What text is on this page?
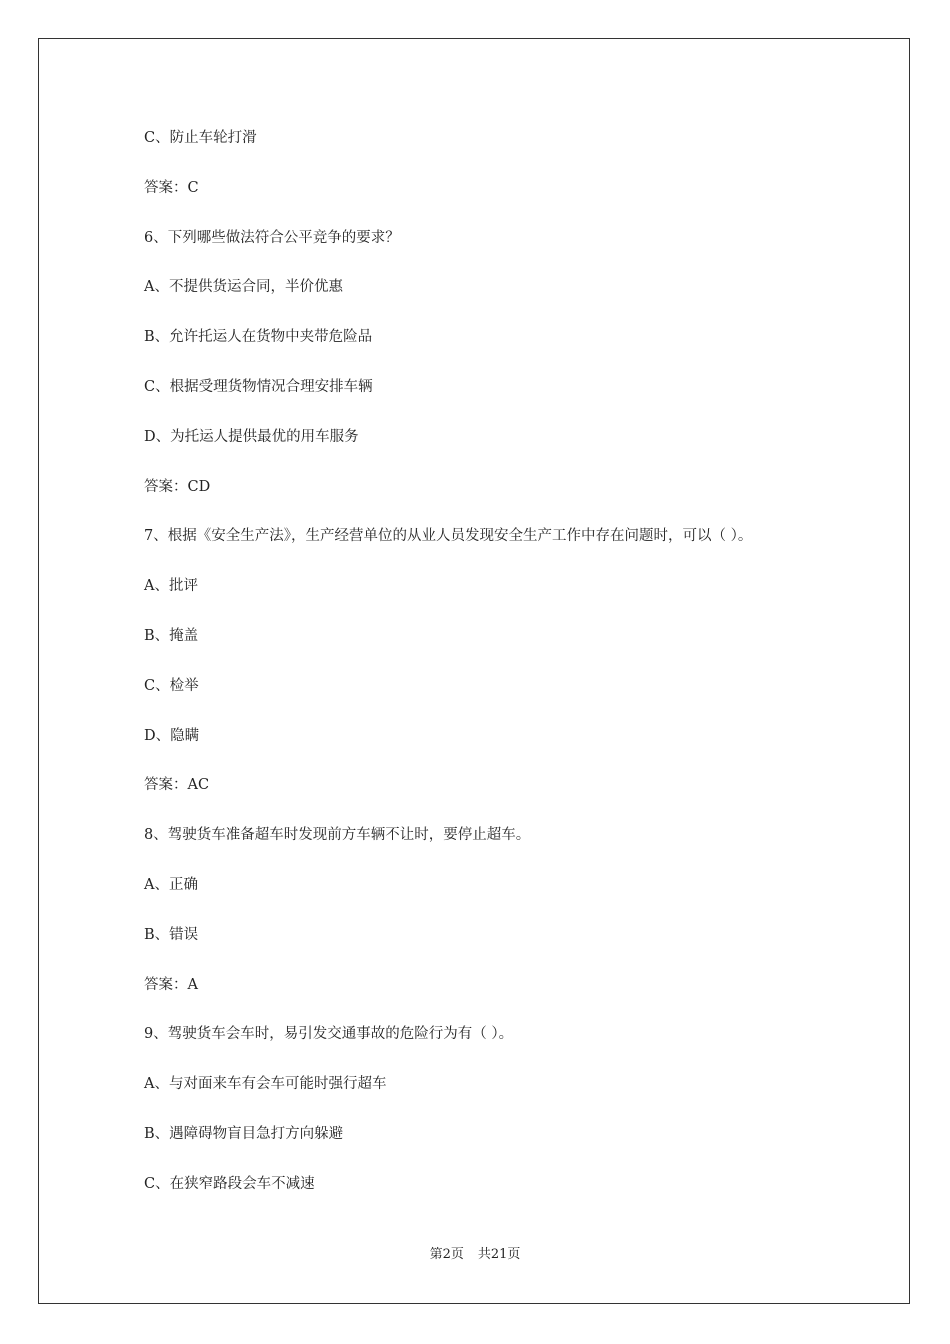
C、防止车轮打滑
答案：C
6、下列哪些做法符合公平竞争的要求？
A、不提供货运合同，半价优惠
B、允许托运人在货物中夹带危险品
C、根据受理货物情况合理安排车辆
D、为托运人提供最优的用车服务
答案：CD
7、根据《安全生产法》，生产经营单位的从业人员发现安全生产工作中存在问题时，可以（ ）。
A、批评
B、掩盖
C、检举
D、隐瞒
答案：AC
8、驾驶货车准备超车时发现前方车辆不让时，要停止超车。
A、正确
B、错误
答案：A
9、驾驶货车会车时，易引发交通事故的危险行为有（ ）。
A、与对面来车有会车可能时强行超车
B、遇障碍物盲目急打方向躲避
C、在狭窄路段会车不减速
第2页 共21页
